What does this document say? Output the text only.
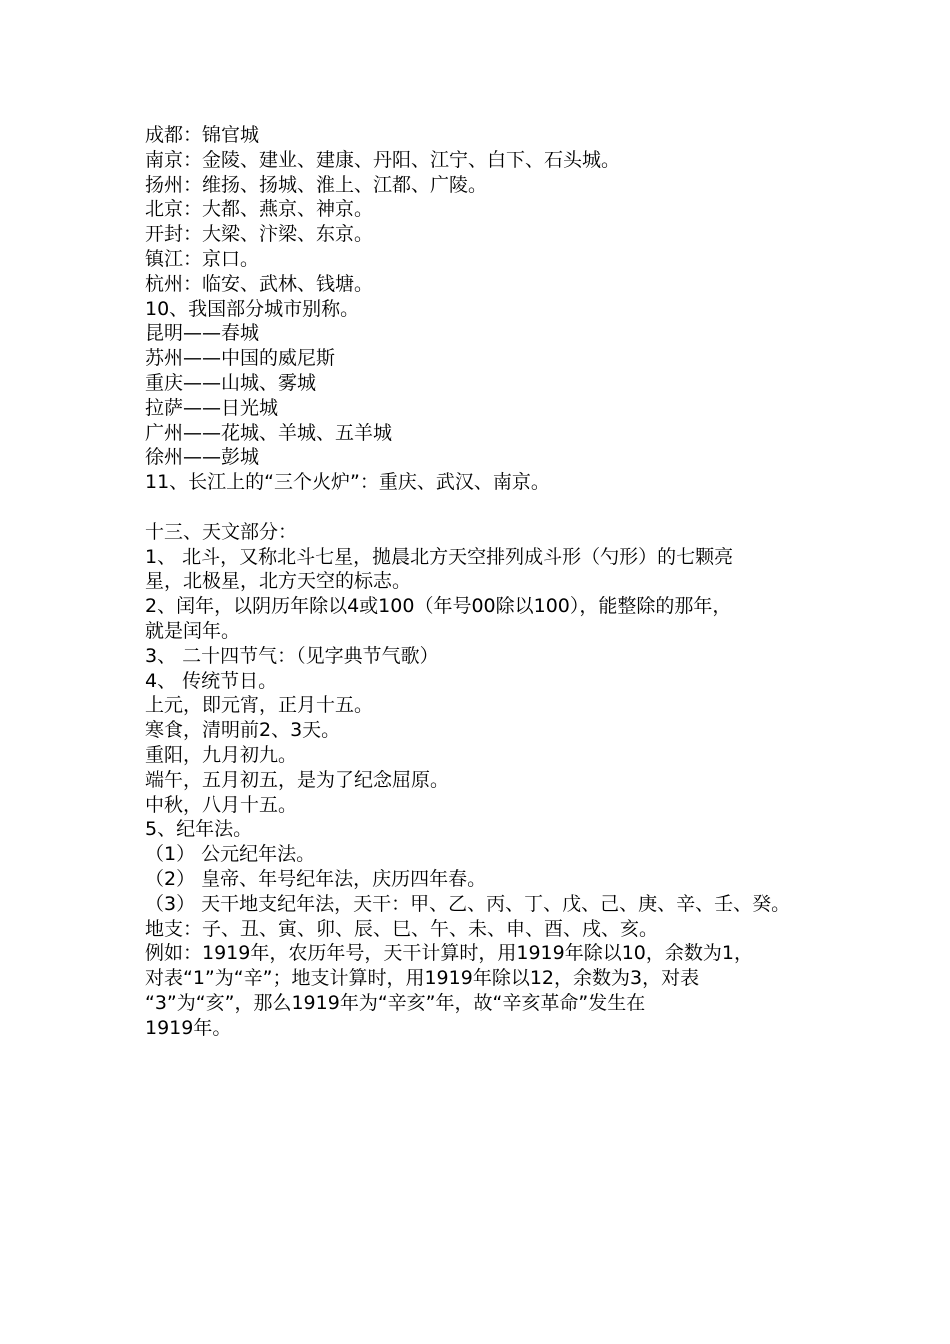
成都：锦官城
南京：金陵、建业、建康、丹阳、江宁、白下、石头城。
扬州：维扬、扬城、淮上、江都、广陵。
北京：大都、燕京、神京。
开封：大梁、汴梁、东京。
镇江：京口。
杭州：临安、武林、钱塘。
10、我国部分城市别称。
昆明——春城
苏州——中国的威尼斯
重庆——山城、雾城
拉萨——日光城
广州——花城、羊城、五羊城
徐州——彭城
11、长江上的“三个火炉”：重庆、武汉、南京。
十三、天文部分：
1、 北斗，又称北斗七星，拋晨北方天空排列成斗形（勺形）的七颗亮
星，北极星，北方天空的标志。
2、闰年，以阴历年除以4或100（年号00除以100），能整除的那年，
就是闰年。
3、 二十四节气：（见字典节气歌）
4、 传统节日。
上元，即元宵，正月十五。
寒食，清明前2、3天。
重阳，九月初九。
端午，五月初五，是为了纪念屈原。
中秋，八月十五。
5、纪年法。
（1） 公元纪年法。
（2） 皇帝、年号纪年法，庆历四年春。
（3） 天干地支纪年法，天干：甲、乙、丙、丁、戊、己、庚、辛、壬、癸。
地支：子、丑、寅、卯、辰、巳、午、未、申、酉、戌、亥。
例如：1919年，农历年号，天干计算时，用1919年除以10，余数为1，
对表“1”为“辛”；地支计算时，用1919年除以12，余数为3，对表
“3”为“亥”，那么1919年为“辛亥”年，故“辛亥革命”发生在
1919年。
